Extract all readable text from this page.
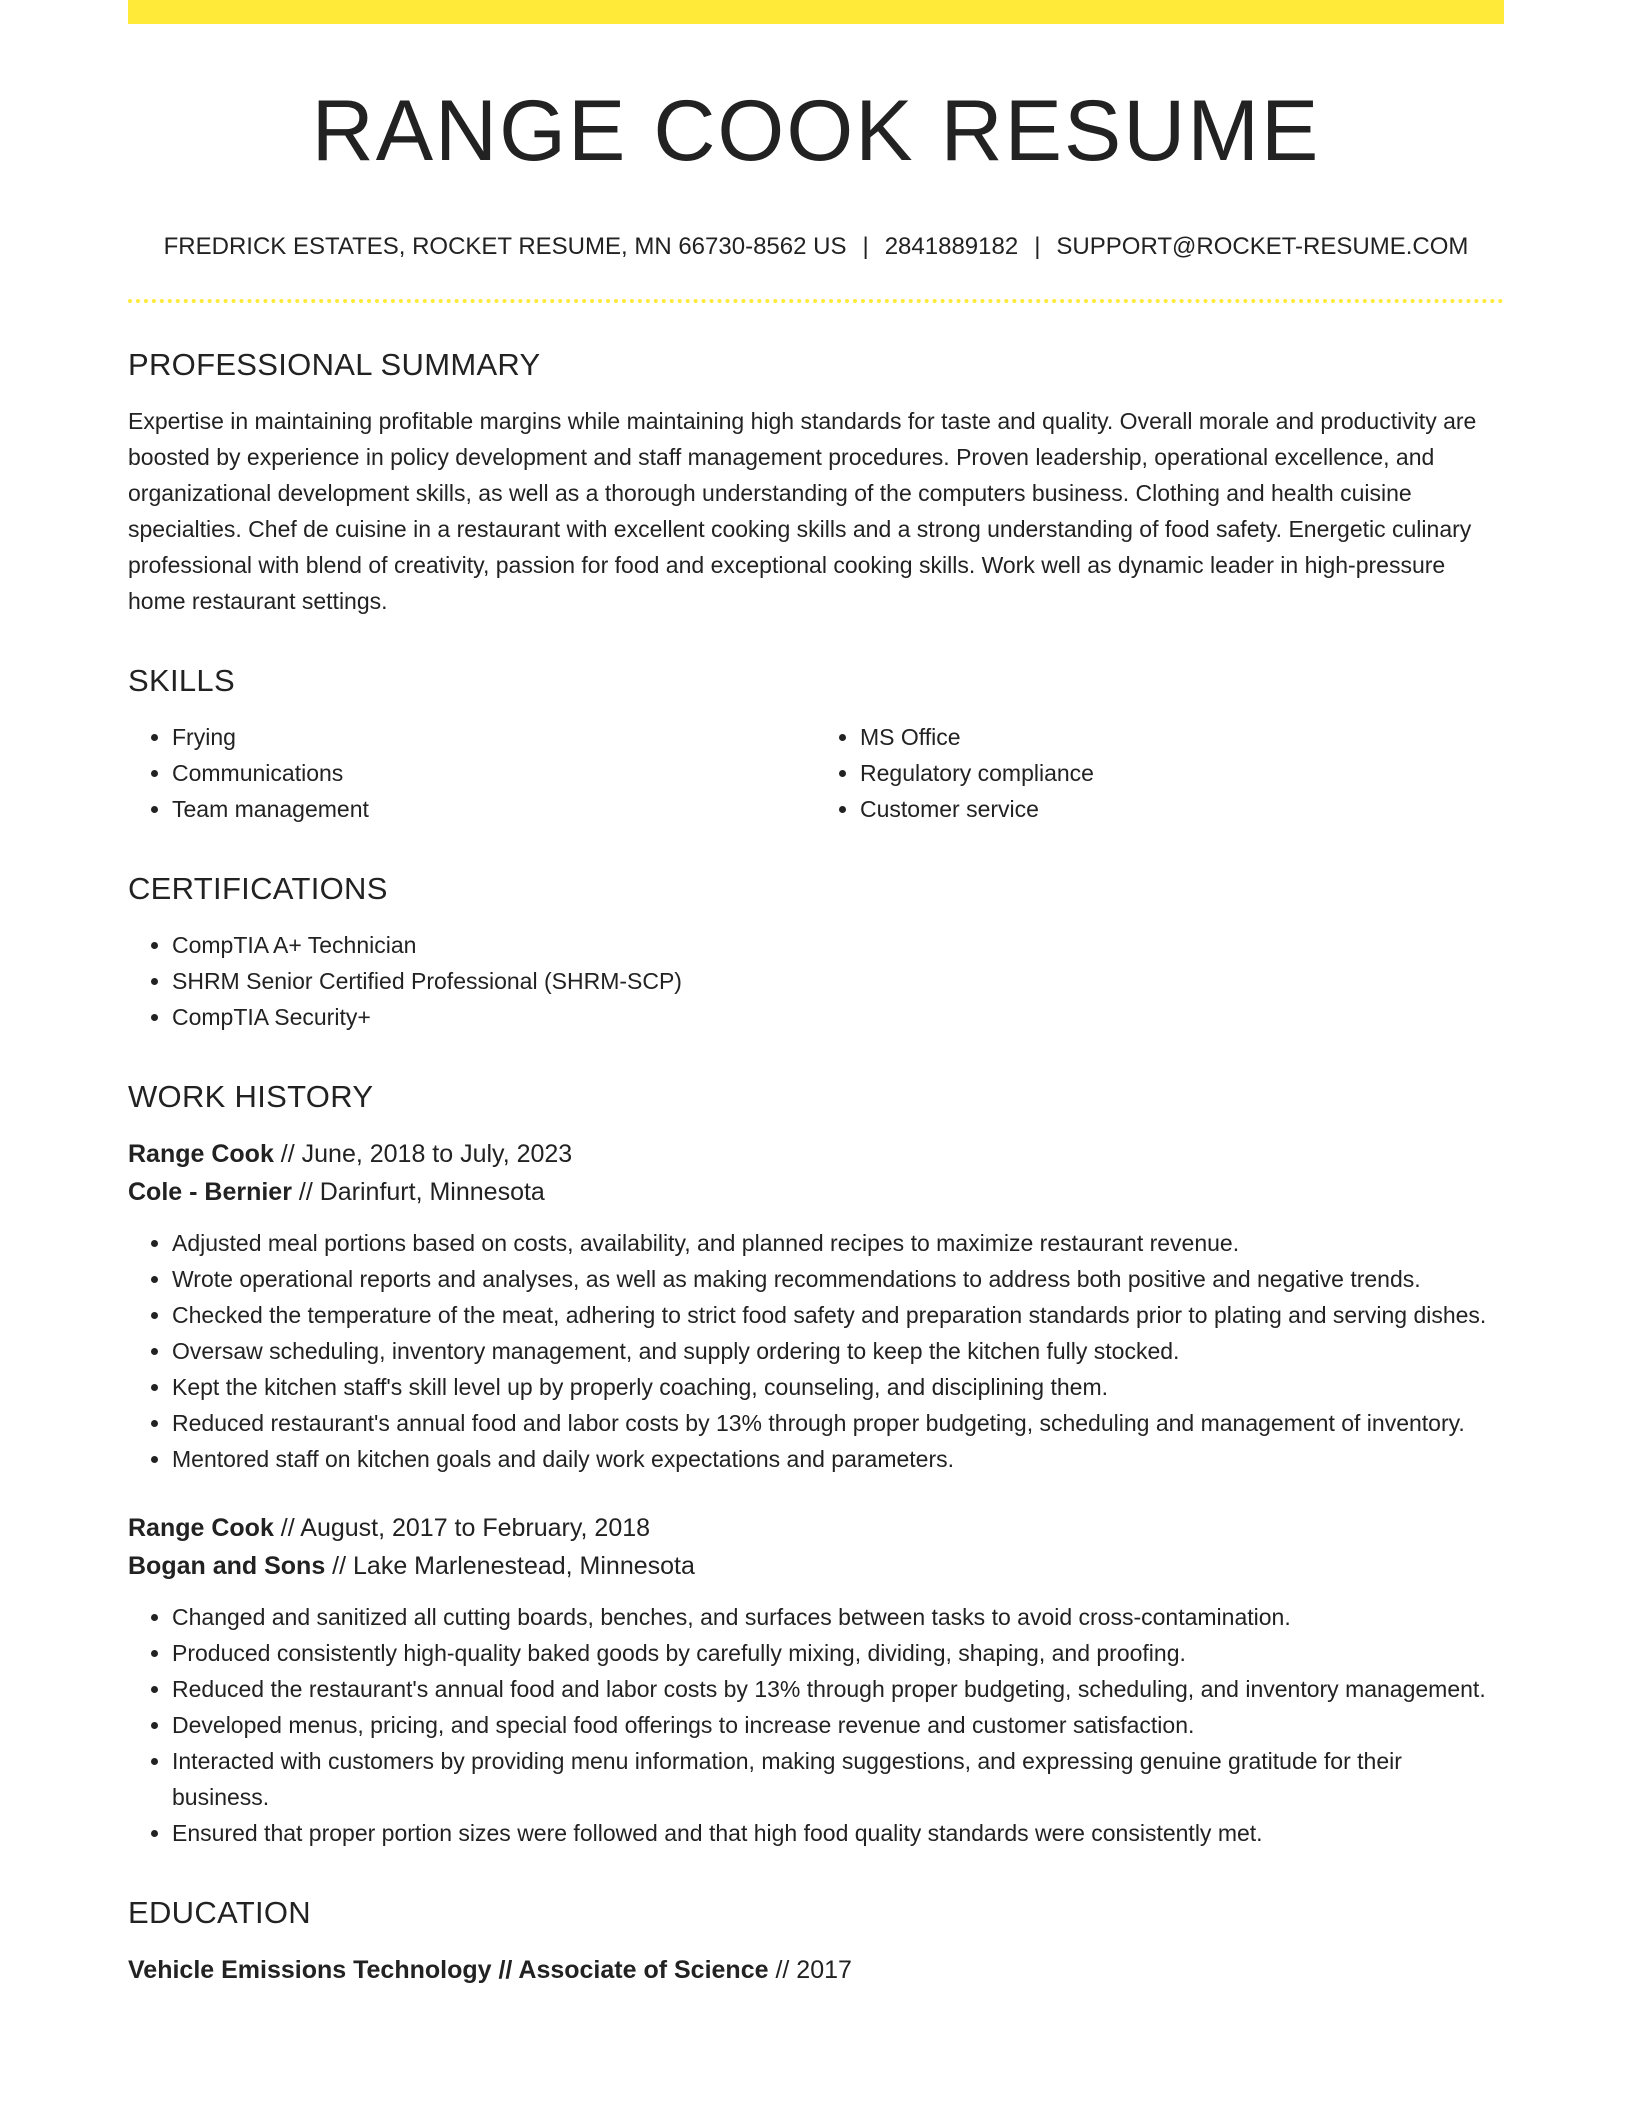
RANGE COOK RESUME
FREDRICK ESTATES, ROCKET RESUME, MN 66730-8562 US | 2841889182 | SUPPORT@ROCKET-RESUME.COM
PROFESSIONAL SUMMARY

Expertise in maintaining profitable margins while maintaining high standards for taste and quality. Overall morale and productivity are boosted by experience in policy development and staff management procedures. Proven leadership, operational excellence, and organizational development skills, as well as a thorough understanding of the computers business. Clothing and health cuisine specialties. Chef de cuisine in a restaurant with excellent cooking skills and a strong understanding of food safety. Energetic culinary professional with blend of creativity, passion for food and exceptional cooking skills. Work well as dynamic leader in high-pressure home restaurant settings.

SKILLS
• Frying
• Communications
• Team management
• MS Office
• Regulatory compliance
• Customer service
CERTIFICATIONS
• CompTIA A+ Technician
• SHRM Senior Certified Professional (SHRM-SCP)
• CompTIA Security+
WORK HISTORY
Range Cook // June, 2018 to July, 2023
Cole - Bernier // Darinfurt, Minnesota
• Adjusted meal portions based on costs, availability, and planned recipes to maximize restaurant revenue.
• Wrote operational reports and analyses, as well as making recommendations to address both positive and negative trends.
• Checked the temperature of the meat, adhering to strict food safety and preparation standards prior to plating and serving dishes.
• Oversaw scheduling, inventory management, and supply ordering to keep the kitchen fully stocked.
• Kept the kitchen staff's skill level up by properly coaching, counseling, and disciplining them.
• Reduced restaurant's annual food and labor costs by 13% through proper budgeting, scheduling and management of inventory.
• Mentored staff on kitchen goals and daily work expectations and parameters.
Range Cook // August, 2017 to February, 2018
Bogan and Sons // Lake Marlenestead, Minnesota
• Changed and sanitized all cutting boards, benches, and surfaces between tasks to avoid cross-contamination.
• Produced consistently high-quality baked goods by carefully mixing, dividing, shaping, and proofing.
• Reduced the restaurant's annual food and labor costs by 13% through proper budgeting, scheduling, and inventory management.
• Developed menus, pricing, and special food offerings to increase revenue and customer satisfaction.
• Interacted with customers by providing menu information, making suggestions, and expressing genuine gratitude for their business.
• Ensured that proper portion sizes were followed and that high food quality standards were consistently met.
EDUCATION
Vehicle Emissions Technology // Associate of Science // 2017
